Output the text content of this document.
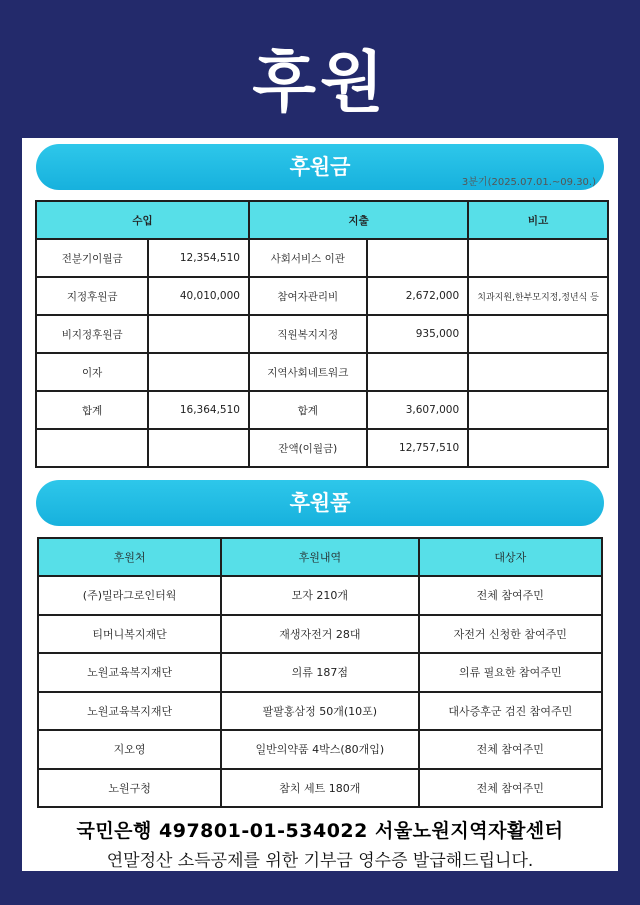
후원
후원금
3분기(2025.07.01.~09.30.)
수입		지출		비고
전분기이월금	12,354,510	사회서비스 이관		
지정후원금	40,010,000	참여자관리비	2,672,000	치과지원,한부모지정,정년식 등
비지정후원금		직원복지지정	935,000	
이자		지역사회네트워크		
합계	16,364,510	합계	3,607,000	
		잔액(이월금)	12,757,510	
후원품
후원처	후원내역	대상자
(주)밀라그로인터웍	모자 210개	전체 참여주민
티머니복지재단	재생자전거 28대	자전거 신청한 참여주민
노원교육복지재단	의류 187점	의류 필요한 참여주민
노원교육복지재단	팔팔홍삼정 50개(10포)	대사증후군 검진 참여주민
지오영	일반의약품 4박스(80개입)	전체 참여주민
노원구청	참치 세트 180개	전체 참여주민
국민은행 497801-01-534022 서울노원지역자활센터
연말정산 소득공제를 위한 기부금 영수증 발급해드립니다.
